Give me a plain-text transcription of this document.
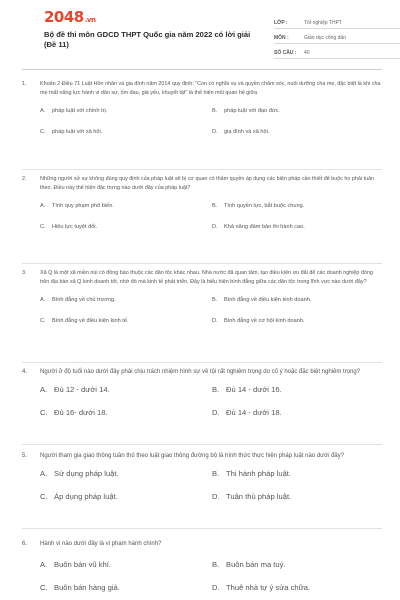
2048.vn
Bộ đề thi môn GDCD THPT Quốc gia năm 2022 có lời giải (Đề 11)
LỚP :	Tốt nghiệp THPT
MÔN :	Giáo dục công dân
SỐ CÂU :	40
1.	Khoản 2 Điều 71 Luật Hôn nhân và gia đình năm 2014 quy định: "Con có nghĩa vụ và quyền chăm sóc, nuôi dưỡng cha mẹ, đặc biệt là khi cha mẹ mất năng lực hành vi dân sự, ốm đau, già yếu, khuyết tật" là thể hiện mối quan hệ giữa
A. pháp luật với chính trị.	B. pháp luật với đạo đức.
C. pháp luật với xã hội.	D. gia đình và xã hội.
2.	Những người xử sự không đúng quy định của pháp luật sẽ bị cơ quan có thẩm quyền áp dụng các biện pháp cần thiết để buộc họ phải tuân theo. Điều này thể hiện đặc trưng nào dưới đây của pháp luật?
A. Tính quy phạm phổ biến.	B. Tính quyền lực, bắt buộc chung.
C. Hiệu lực tuyệt đối.	D. Khả năng đảm bảo thi hành cao.
3.	Xã Q là một xã miền núi có đồng bào thuộc các dân tộc khác nhau. Nhà nước đã quan tâm, tạo điều kiện ưu đãi để các doanh nghiệp đóng trên địa bàn xã Q kinh doanh tốt, nhờ đó mà kinh tế phát triển. Đây là biểu hiện bình đẳng giữa các dân tộc trong lĩnh vực nào dưới đây?
A. Bình đẳng về chủ trương.	B. Bình đẳng về điều kiện kinh doanh.
C. Bình đẳng về điều kiện kinh tế.	D. Bình đẳng về cơ hội kinh doanh.
4. Người ở độ tuổi nào dưới đây phải chịu trách nhiệm hình sự về tội rất nghiêm trọng do cố ý hoặc đặc biệt nghiêm trọng?
A. Đủ 12 - dưới 14.	B. Đủ 14 - dưới 16.
C. Đủ 16- dưới 18.	D. Đủ 14 - dưới 18.
5. Người tham gia giao thông tuân thủ theo luật giao thông đường bộ là hình thức thực hiện pháp luật nào dưới đây?
A. Sử dụng pháp luật.	B. Thi hành pháp luật.
C. Áp dụng pháp luật.	D. Tuân thủ pháp luật.
6. Hành vi nào dưới đây là vi phạm hành chính?
A. Buôn bán vũ khí.	B. Buôn bán ma tuý.
C. Buôn bán hàng giả.	D. Thuê nhà tự ý sửa chữa.
